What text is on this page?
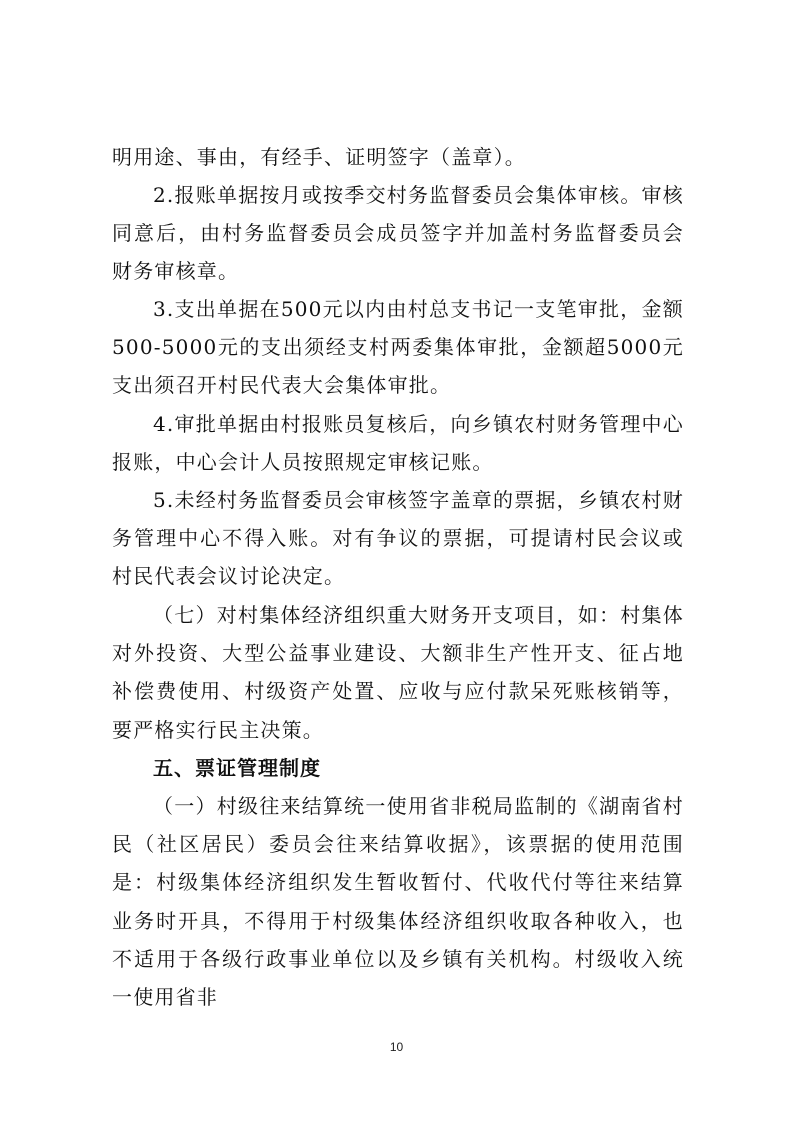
明用途、事由，有经手、证明签字（盖章）。

2.报账单据按月或按季交村务监督委员会集体审核。审核同意后，由村务监督委员会成员签字并加盖村务监督委员会财务审核章。

3.支出单据在500元以内由村总支书记一支笔审批，金额500-5000元的支出须经支村两委集体审批，金额超5000元支出须召开村民代表大会集体审批。

4.审批单据由村报账员复核后，向乡镇农村财务管理中心报账，中心会计人员按照规定审核记账。

5.未经村务监督委员会审核签字盖章的票据，乡镇农村财务管理中心不得入账。对有争议的票据，可提请村民会议或村民代表会议讨论决定。

（七）对村集体经济组织重大财务开支项目，如：村集体对外投资、大型公益事业建设、大额非生产性开支、征占地补偿费使用、村级资产处置、应收与应付款呆死账核销等，要严格实行民主决策。

五、票证管理制度

（一）村级往来结算统一使用省非税局监制的《湖南省村民（社区居民）委员会往来结算收据》，该票据的使用范围是：村级集体经济组织发生暂收暂付、代收代付等往来结算业务时开具，不得用于村级集体经济组织收取各种收入，也不适用于各级行政事业单位以及乡镇有关机构。村级收入统一使用省非

10
